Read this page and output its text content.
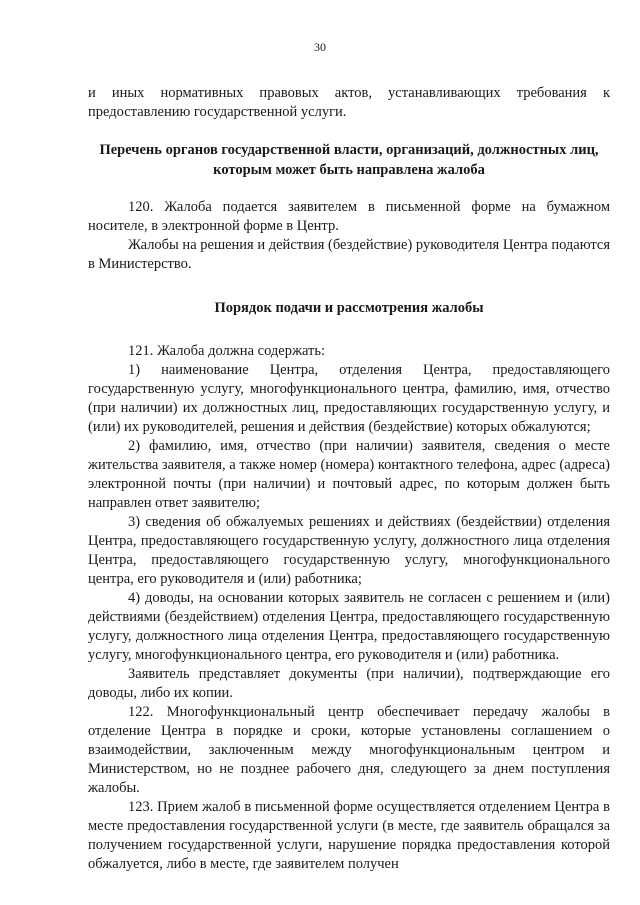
30

и иных нормативных правовых актов, устанавливающих требования к предоставлению государственной услуги.

Перечень органов государственной власти, организаций, должностных лиц, которым может быть направлена жалоба

120. Жалоба подается заявителем в письменной форме на бумажном носителе, в электронной форме в Центр.

Жалобы на решения и действия (бездействие) руководителя Центра подаются в Министерство.

Порядок подачи и рассмотрения жалобы

121. Жалоба должна содержать:

1) наименование Центра, отделения Центра, предоставляющего государственную услугу, многофункционального центра, фамилию, имя, отчество (при наличии) их должностных лиц, предоставляющих государственную услугу, и (или) их руководителей, решения и действия (бездействие) которых обжалуются;

2) фамилию, имя, отчество (при наличии) заявителя, сведения о месте жительства заявителя, а также номер (номера) контактного телефона, адрес (адреса) электронной почты (при наличии) и почтовый адрес, по которым должен быть направлен ответ заявителю;

3) сведения об обжалуемых решениях и действиях (бездействии) отделения Центра, предоставляющего государственную услугу, должностного лица отделения Центра, предоставляющего государственную услугу, многофункционального центра, его руководителя и (или) работника;

4) доводы, на основании которых заявитель не согласен с решением и (или) действиями (бездействием) отделения Центра, предоставляющего государственную услугу, должностного лица отделения Центра, предоставляющего государственную услугу, многофункционального центра, его руководителя и (или) работника.

Заявитель представляет документы (при наличии), подтверждающие его доводы, либо их копии.

122. Многофункциональный центр обеспечивает передачу жалобы в отделение Центра в порядке и сроки, которые установлены соглашением о взаимодействии, заключенным между многофункциональным центром и Министерством, но не позднее рабочего дня, следующего за днем поступления жалобы.

123. Прием жалоб в письменной форме осуществляется отделением Центра в месте предоставления государственной услуги (в месте, где заявитель обращался за получением государственной услуги, нарушение порядка предоставления которой обжалуется, либо в месте, где заявителем получен
